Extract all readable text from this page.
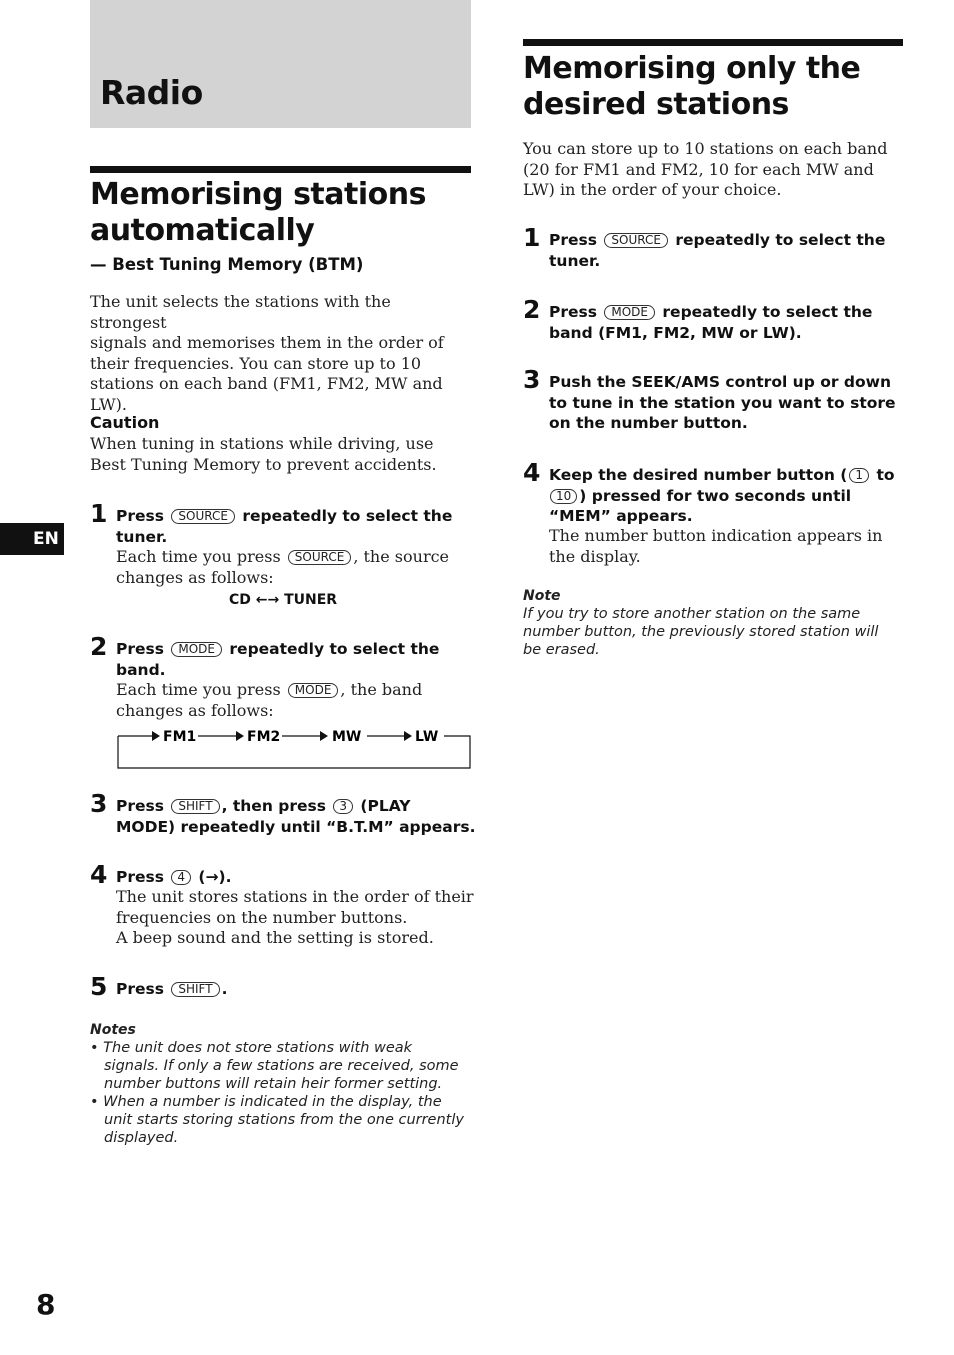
Radio
EN
8
Memorising stations
automatically
— Best Tuning Memory (BTM)
The unit selects the stations with the strongest
signals and memorises them in the order of
their frequencies. You can store up to 10
stations on each band (FM1, FM2, MW and
LW).
Caution
When tuning in stations while driving, use
Best Tuning Memory to prevent accidents.
1 Press SOURCE repeatedly to select the
tuner.
Each time you press SOURCE , the source
changes as follows:
CD ←→ TUNER
2 Press MODE repeatedly to select the
band.
Each time you press MODE , the band
changes as follows:
FM1	FM2	MW	LW
3 Press SHIFT , then press 3 (PLAY
MODE) repeatedly until “B.T.M” appears.
4 Press 4 (→).
The unit stores stations in the order of their
frequencies on the number buttons.
A beep sound and the setting is stored.
5 Press SHIFT .
Notes
• The unit does not store stations with weak
signals. If only a few stations are received, some
number buttons will retain heir former setting.
• When a number is indicated in the display, the
unit starts storing stations from the one currently
displayed.
Memorising only the
desired stations
You can store up to 10 stations on each band
(20 for FM1 and FM2, 10 for each MW and
LW) in the order of your choice.
1 Press SOURCE repeatedly to select the
tuner.
2 Press MODE repeatedly to select the
band (FM1, FM2, MW or LW).
3 Push the SEEK/AMS control up or down
to tune in the station you want to store
on the number button.
4 Keep the desired number button ( 1 to
10 ) pressed for two seconds until
“MEM” appears.
The number button indication appears in
the display.
Note
If you try to store another station on the same
number button, the previously stored station will
be erased.
